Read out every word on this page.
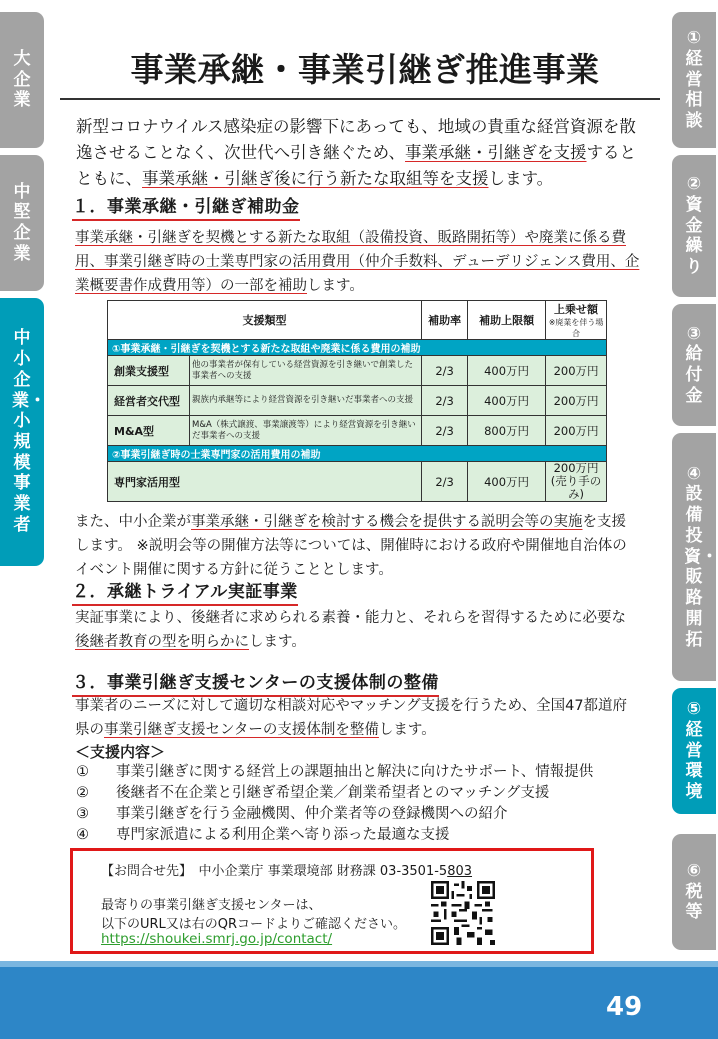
大企業
中堅企業
中小企業・小規模事業者
①経営相談
②資金繰り
③給付金
④設備投資・販路開拓
⑤経営環境
⑥税等
事業承継・事業引継ぎ推進事業
新型コロナウイルス感染症の影響下にあっても、地域の貴重な経営資源を散逸させることなく、次世代へ引き継ぐため、事業承継・引継ぎを支援するとともに、事業承継・引継ぎ後に行う新たな取組等を支援します。
１．事業承継・引継ぎ補助金
事業承継・引継ぎを契機とする新たな取組（設備投資、販路開拓等）や廃業に係る費用、事業引継ぎ時の士業専門家の活用費用（仲介手数料、デューデリジェンス費用、企業概要書作成費用等）の一部を補助します。
支援類型		補助率	補助上限額	上乗せ額
※廃業を伴う場合

①事業承継・引継ぎを契機とする新たな取組や廃業に係る費用の補助				
創業支援型	他の事業者が保有している経営資源を引き継いで創業した事業者への支援	2/3	400万円	200万円
経営者交代型	親族内承継等により経営資源を引き継いだ事業者への支援	2/3	400万円	200万円
M&A型	M&A（株式譲渡、事業譲渡等）により経営資源を引き継いだ事業者への支援	2/3	800万円	200万円
②事業引継ぎ時の士業専門家の活用費用の補助				
専門家活用型		2/3	400万円	200万円
(売り手のみ)
また、中小企業が事業承継・引継ぎを検討する機会を提供する説明会等の実施を支援します。 ※説明会等の開催方法等については、開催時における政府や開催地自治体のイベント開催に関する方針に従うこととします。
２．承継トライアル実証事業
実証事業により、後継者に求められる素養・能力と、それらを習得するために必要な後継者教育の型を明らかにします。
３．事業引継ぎ支援センターの支援体制の整備
事業者のニーズに対して適切な相談対応やマッチング支援を行うため、全国47都道府県の事業引継ぎ支援センターの支援体制を整備します。
＜支援内容＞
①	事業引継ぎに関する経営上の課題抽出と解決に向けたサポート、情報提供
②	後継者不在企業と引継ぎ希望企業／創業希望者とのマッチング支援
③	事業引継ぎを行う金融機関、仲介業者等の登録機関への紹介
④	専門家派遣による利用企業へ寄り添った最適な支援
【お問合せ先】　中小企業庁 事業環境部 財務課 03-3501-5803
最寄りの事業引継ぎ支援センターは、
以下のURL又は右のQRコードよりご確認ください。
https://shoukei.smrj.go.jp/contact/
49
